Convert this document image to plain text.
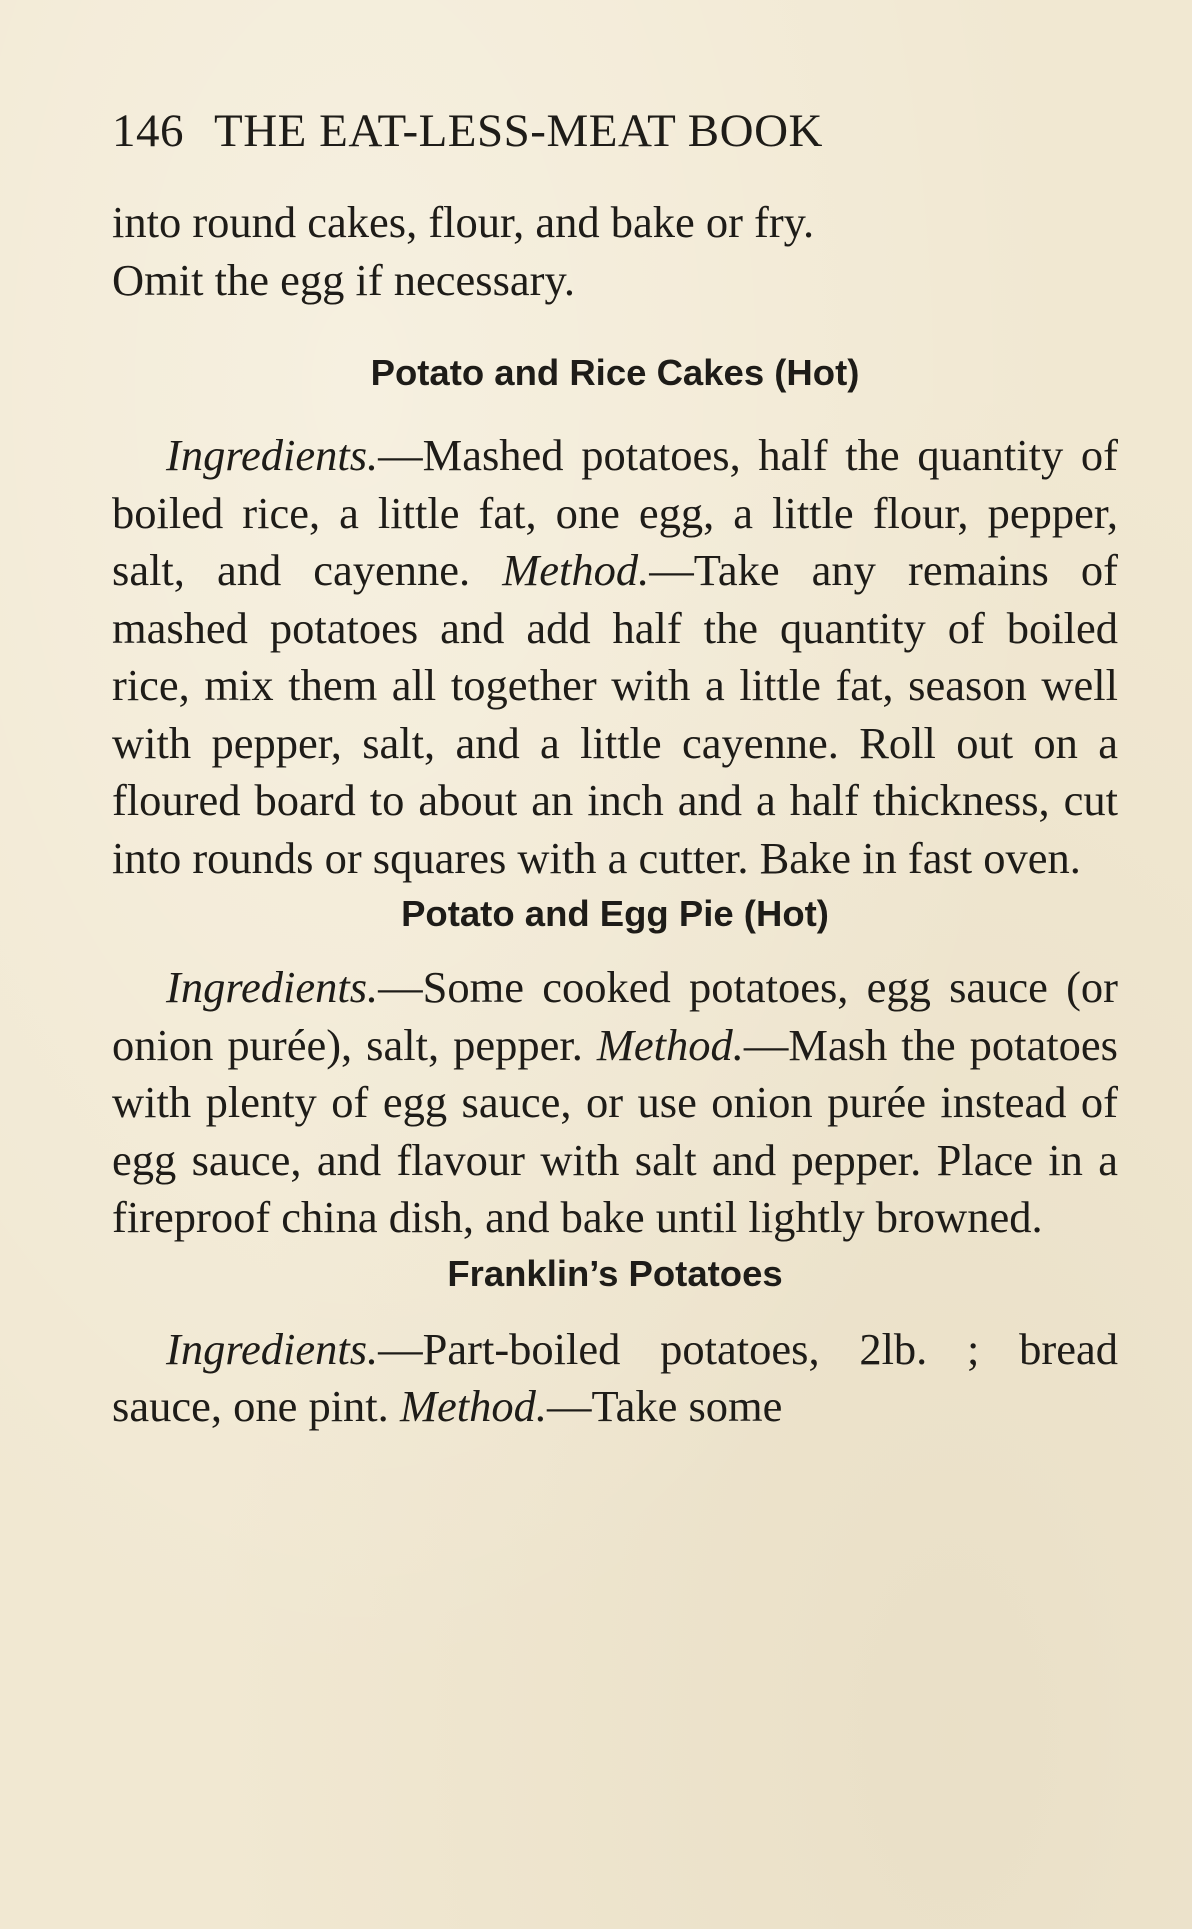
146 THE EAT-LESS-MEAT BOOK

into round cakes, flour, and bake or fry.
Omit the egg if necessary.

Potato and Rice Cakes (Hot)

Ingredients.—Mashed potatoes, half the quantity of boiled rice, a little fat, one egg, a little flour, pepper, salt, and cayenne. Method.—Take any remains of mashed potatoes and add half the quantity of boiled rice, mix them all together with a little fat, season well with pepper, salt, and a little cayenne. Roll out on a floured board to about an inch and a half thickness, cut into rounds or squares with a cutter. Bake in fast oven.

Potato and Egg Pie (Hot)

Ingredients.—Some cooked potatoes, egg sauce (or onion purée), salt, pepper. Method.—Mash the potatoes with plenty of egg sauce, or use onion purée instead of egg sauce, and flavour with salt and pepper. Place in a fireproof china dish, and bake until lightly browned.

Franklin’s Potatoes

Ingredients.—Part-boiled potatoes, 2lb. ; bread sauce, one pint. Method.—Take some
